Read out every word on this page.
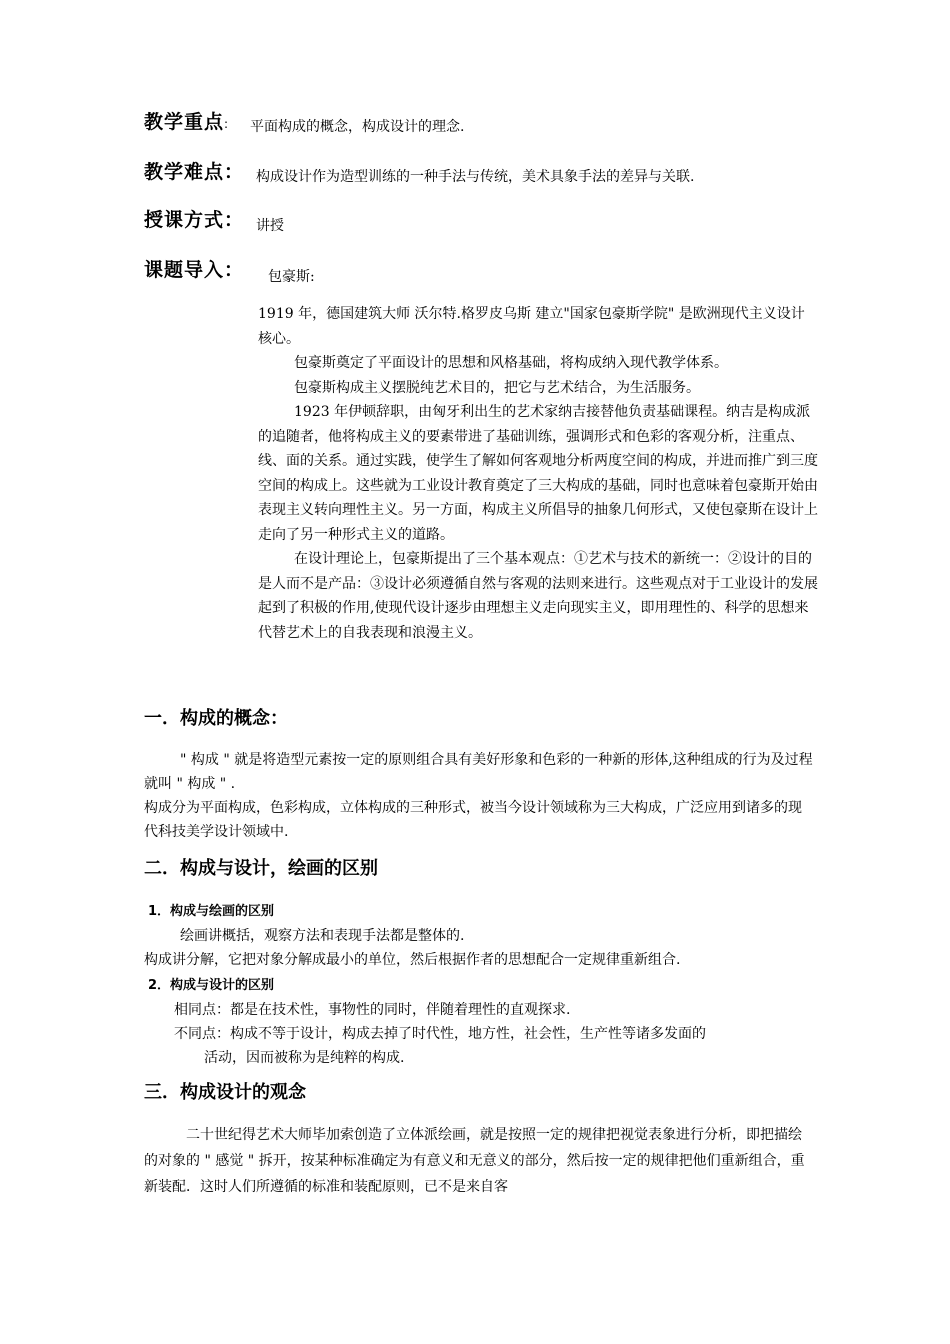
教学重点: 平面构成的概念，构成设计的理念.
教学难点： 构成设计作为造型训练的一种手法与传统，美术具象手法的差异与关联.
授课方式： 讲授
课题导入： 包豪斯:

1919 年，德国建筑大师 沃尔特.格罗皮乌斯 建立"国家包豪斯学院" 是欧洲现代主义设计核心。

包豪斯奠定了平面设计的思想和风格基础，将构成纳入现代教学体系。

包豪斯构成主义摆脱纯艺术目的，把它与艺术结合，为生活服务。

1923 年伊顿辞职，由匈牙利出生的艺术家纳吉接替他负责基础课程。纳吉是构成派的追随者，他将构成主义的要素带进了基础训练，强调形式和色彩的客观分析，注重点、线、面的关系。通过实践，使学生了解如何客观地分析两度空间的构成，并进而推广到三度空间的构成上。这些就为工业设计教育奠定了三大构成的基础，同时也意味着包豪斯开始由表现主义转向理性主义。另一方面，构成主义所倡导的抽象几何形式，又使包豪斯在设计上走向了另一种形式主义的道路。

在设计理论上，包豪斯提出了三个基本观点：①艺术与技术的新统一：②设计的目的是人而不是产品：③设计必须遵循自然与客观的法则来进行。这些观点对于工业设计的发展起到了积极的作用,使现代设计逐步由理想主义走向现实主义，即用理性的、科学的思想来代替艺术上的自我表现和浪漫主义。

一．构成的概念：

" 构成 " 就是将造型元素按一定的原则组合具有美好形象和色彩的一种新的形体,这种组成的行为及过程就叫 " 构成 " .

构成分为平面构成，色彩构成，立体构成的三种形式，被当今设计领域称为三大构成，广泛应用到诸多的现代科技美学设计领域中.

二．构成与设计，绘画的区别
1．构成与绘画的区别
绘画讲概括，观察方法和表现手法都是整体的.
构成讲分解，它把对象分解成最小的单位，然后根据作者的思想配合一定规律重新组合.
2．构成与设计的区别
相同点：都是在技术性，事物性的同时，伴随着理性的直观探求.
不同点：构成不等于设计，构成去掉了时代性，地方性，社会性，生产性等诸多发面的
活动，因而被称为是纯粹的构成.
三．构成设计的观念

二十世纪得艺术大师毕加索创造了立体派绘画，就是按照一定的规律把视觉表象进行分析，即把描绘的对象的 " 感觉 " 拆开，按某种标准确定为有意义和无意义的部分，然后按一定的规律把他们重新组合，重新装配．这时人们所遵循的标准和装配原则，已不是来自客
